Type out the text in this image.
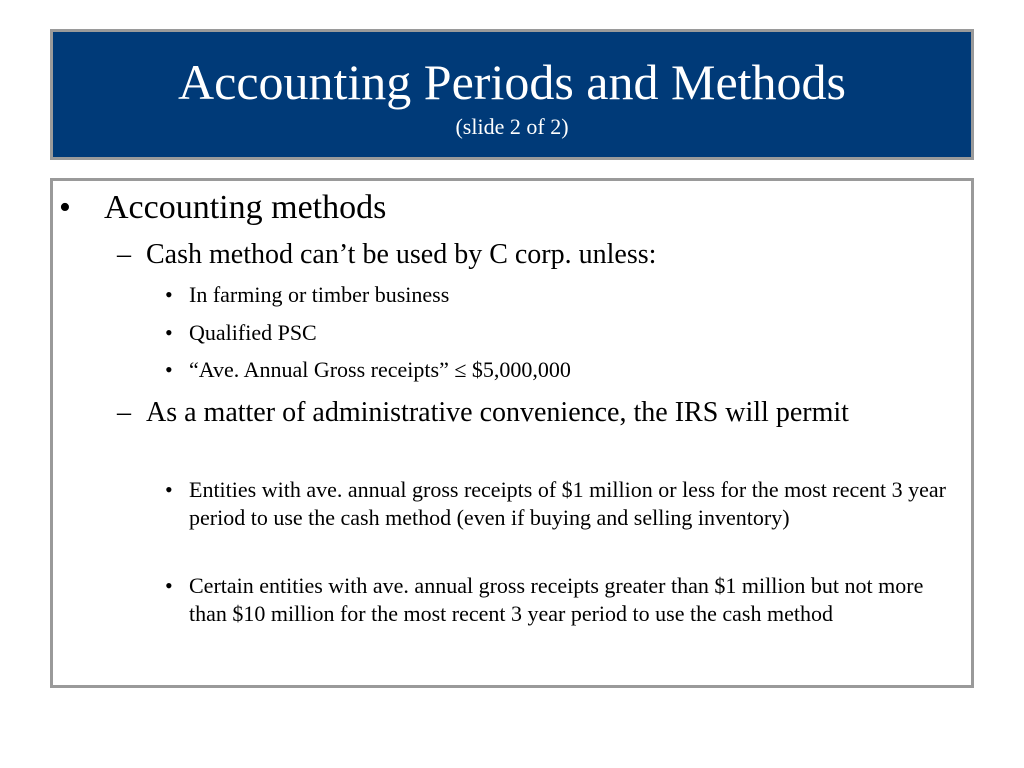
Accounting Periods and Methods
(slide 2 of 2)
• Accounting methods
– Cash method can’t be used by C corp. unless:
• In farming or timber business
• Qualified PSC
• “Ave. Annual Gross receipts” ≤ $5,000,000
– As a matter of administrative convenience, the IRS will permit
• Entities with ave. annual gross receipts of $1 million or less for the most recent 3 year period to use the cash method (even if buying and selling inventory)
• Certain entities with ave. annual gross receipts greater than $1 million but not more than $10 million for the most recent 3 year period to use the cash method
